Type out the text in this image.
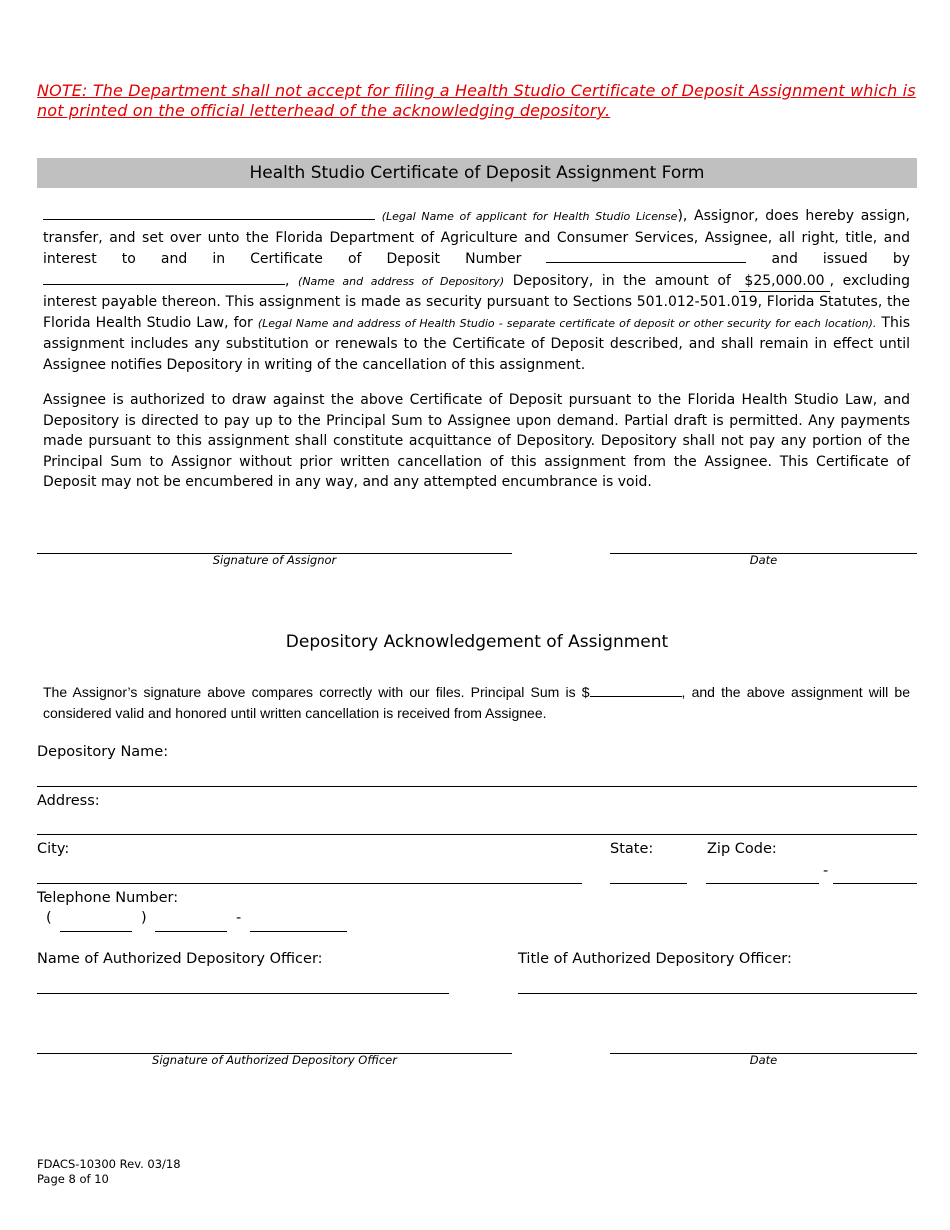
NOTE: The Department shall not accept for filing a Health Studio Certificate of Deposit Assignment which is not printed on the official letterhead of the acknowledging depository.
Health Studio Certificate of Deposit Assignment Form
(Legal Name of applicant for Health Studio License), Assignor, does hereby assign, transfer, and set over unto the Florida Department of Agriculture and Consumer Services, Assignee, all right, title, and interest to and in Certificate of Deposit Number	and issued by , (Name and address of Depository) Depository, in the amount of $25,000.00 , excluding interest payable thereon. This assignment is made as security pursuant to Sections 501.012-501.019, Florida Statutes, the Florida Health Studio Law, for (Legal Name and address of Health Studio - separate certificate of deposit or other security for each location). This assignment includes any substitution or renewals to the Certificate of Deposit described, and shall remain in effect until Assignee notifies Depository in writing of the cancellation of this assignment.
Assignee is authorized to draw against the above Certificate of Deposit pursuant to the Florida Health Studio Law, and Depository is directed to pay up to the Principal Sum to Assignee upon demand. Partial draft is permitted. Any payments made pursuant to this assignment shall constitute acquittance of Depository. Depository shall not pay any portion of the Principal Sum to Assignor without prior written cancellation of this assignment from the Assignee. This Certificate of Deposit may not be encumbered in any way, and any attempted encumbrance is void.
Signature of Assignor	Date
Depository Acknowledgement of Assignment
The Assignor’s signature above compares correctly with our files. Principal Sum is $	, and the above assignment will be considered valid and honored until written cancellation is received from Assignee.
Depository Name:
Address:
City:	State:	Zip Code:
-
Telephone Number:
(	)	-
Name of Authorized Depository Officer:	Title of Authorized Depository Officer:
Signature of Authorized Depository Officer	Date
FDACS-10300 Rev. 03/18
Page 8 of 10
